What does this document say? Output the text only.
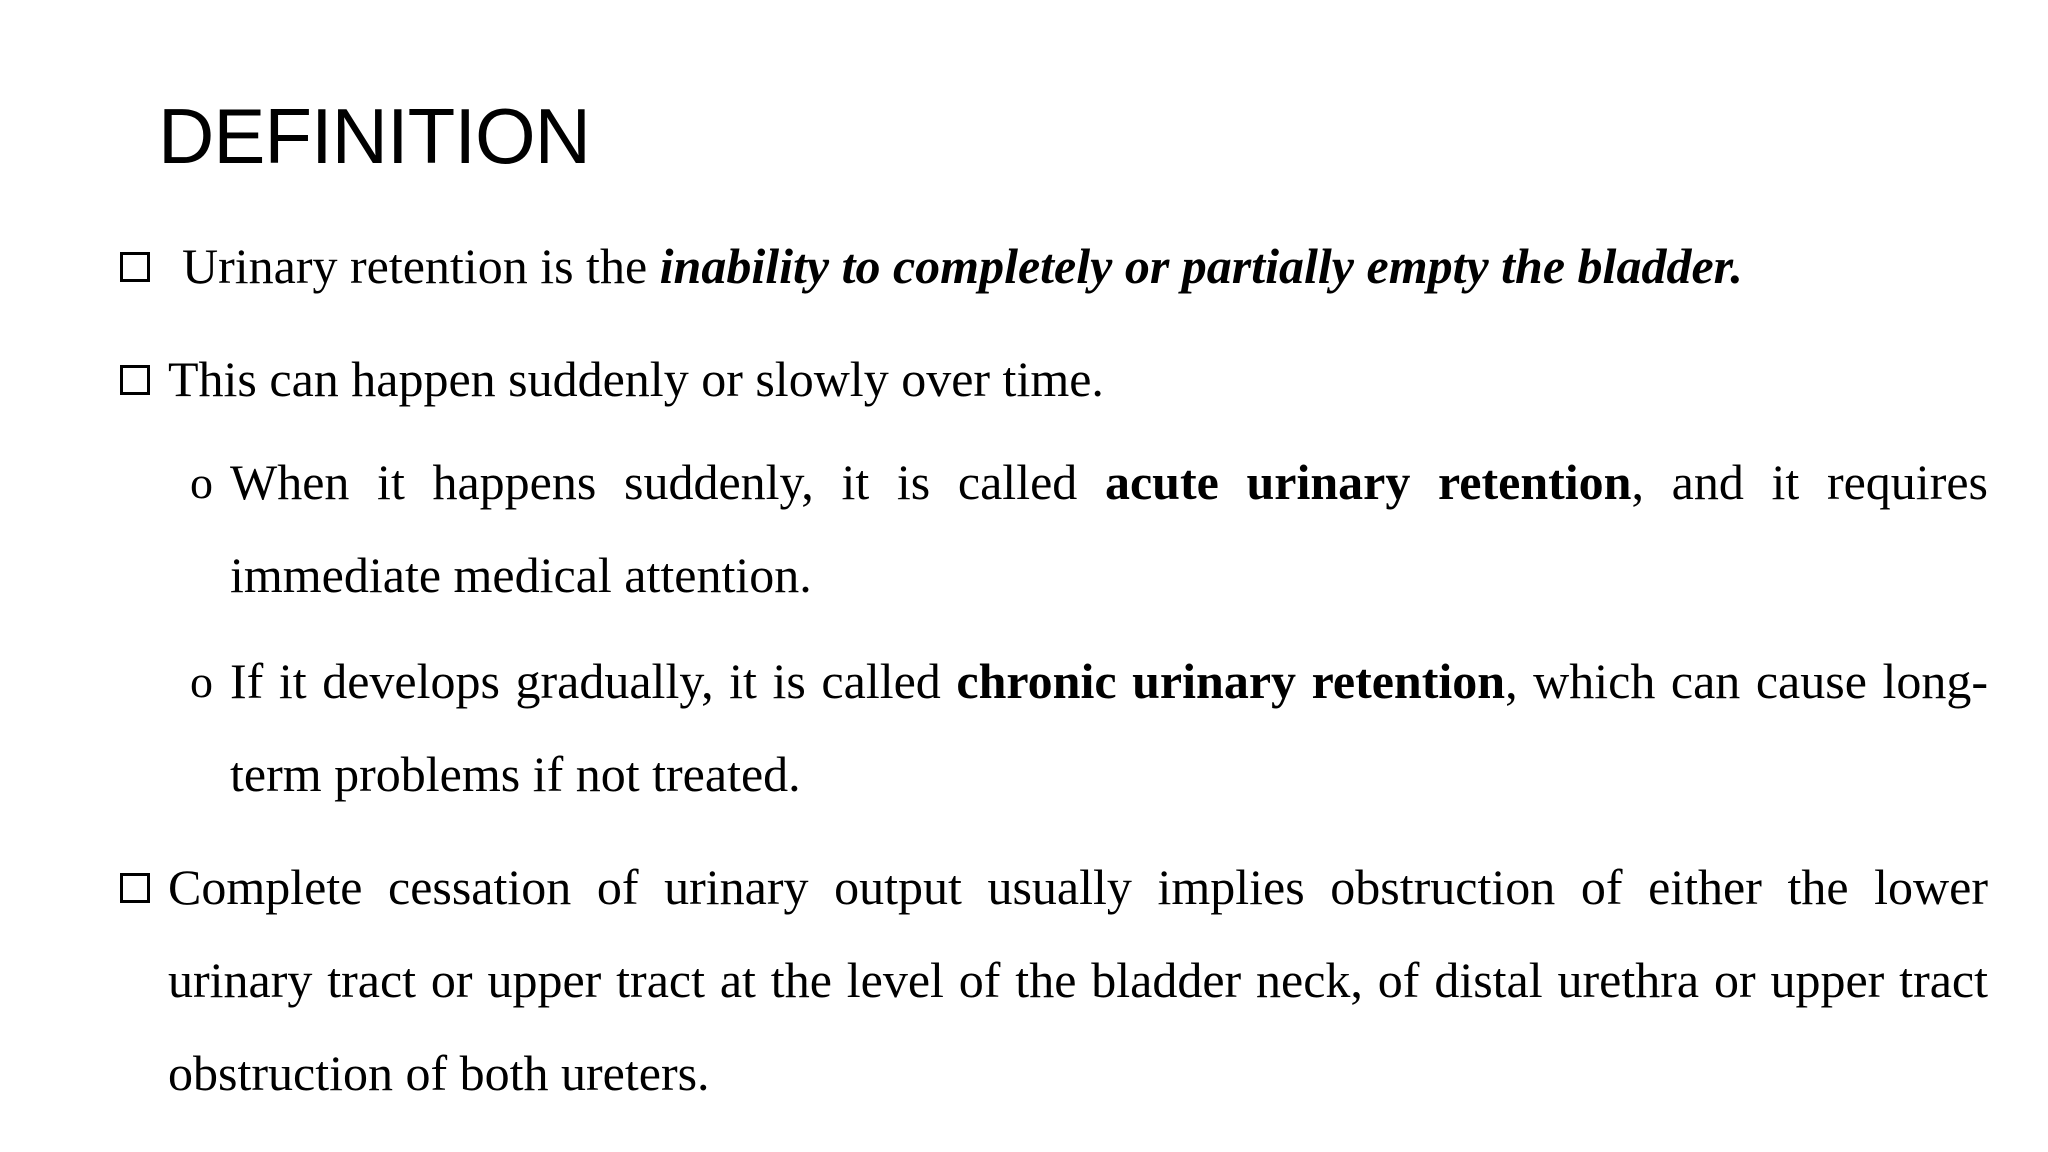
DEFINITION
Urinary retention is the inability to completely or partially empty the bladder.
This can happen suddenly or slowly over time.
o When it happens suddenly, it is called acute urinary retention, and it requires immediate medical attention.
o If it develops gradually, it is called chronic urinary retention, which can cause long-term problems if not treated.
Complete cessation of urinary output usually implies obstruction of either the lower urinary tract or upper tract at the level of the bladder neck, of distal urethra or upper tract obstruction of both ureters.
